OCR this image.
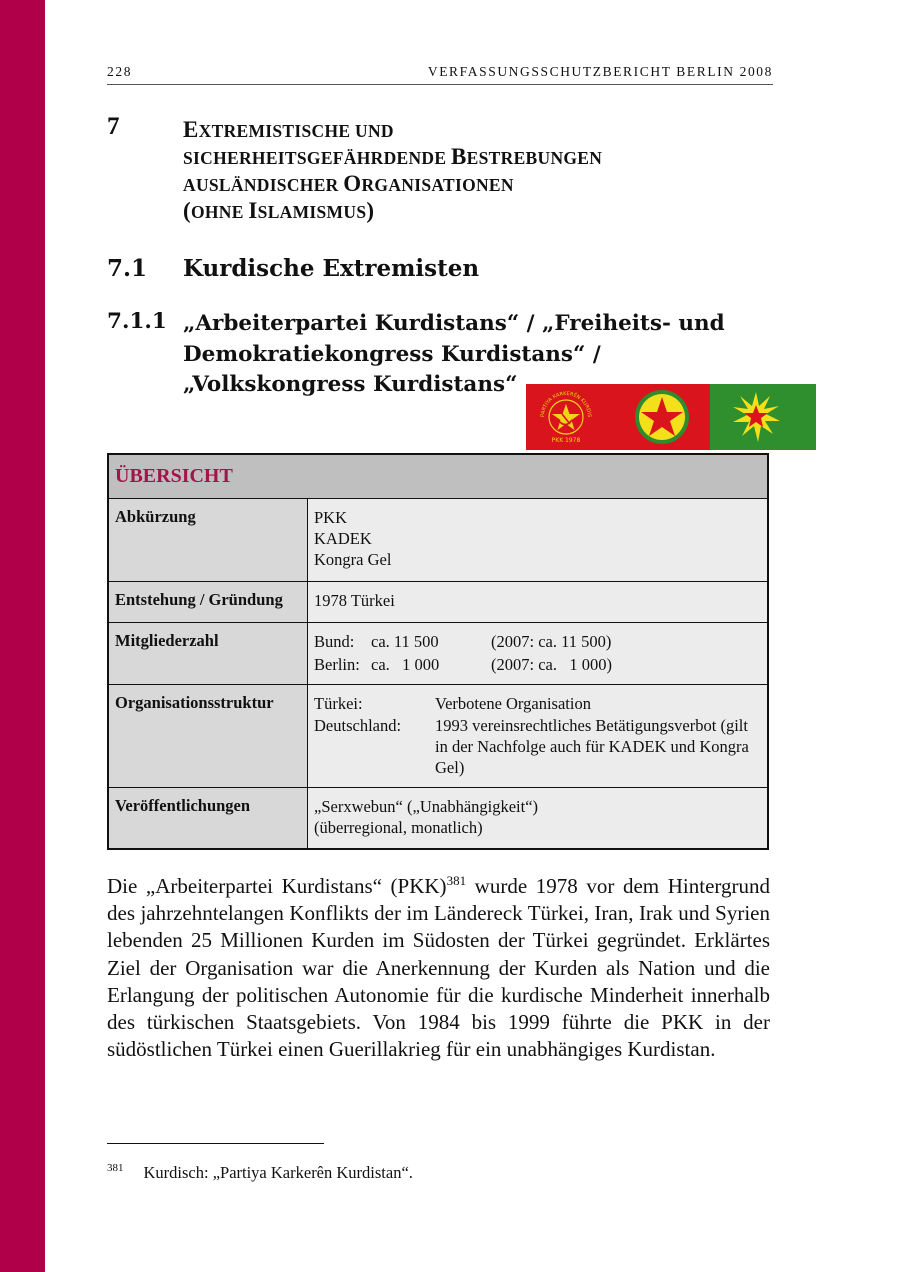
228	VERFASSUNGSSCHUTZBERICHT BERLIN 2008
7	EXTREMISTISCHE UND
SICHERHEITSGEFÄHRDENDE BESTREBUNGEN
AUSLÄNDISCHER ORGANISATIONEN
(OHNE ISLAMISMUS)
7.1 Kurdische Extremisten
7.1.1 „Arbeiterpartei Kurdistans“ / „Freiheits- und
Demokratiekongress Kurdistans“ /
„Volkskongress Kurdistans“
PARTIYA KARKERÊN KURDIS
PKK 1978
ÜBERSICHT
Abkürzung	PKK
KADEK
Kongra Gel
Entstehung / Gründung	1978 Türkei
Mitgliederzahl	Bund:	ca. 11 500	(2007: ca. 11 500)
Berlin: ca.   1 000	(2007: ca.   1 000)
Organisationsstruktur	Türkei:	Verbotene Organisation
Deutschland:	1993 vereinsrechtliches Betätigungsverbot (gilt in der Nachfolge auch für KADEK und Kongra Gel)
Veröffentlichungen	„Serxwebun“ („Unabhängigkeit“)
(überregional, monatlich)

Die „Arbeiterpartei Kurdistans“ (PKK)$^{381}$ wurde 1978 vor dem Hintergrund des jahrzehntelangen Konflikts der im Ländereck Türkei, Iran, Irak und Syrien lebenden 25 Millionen Kurden im Südosten der Türkei gegründet. Erklärtes Ziel der Organisation war die Anerkennung der Kurden als Nation und die Erlangung der politischen Autonomie für die kurdische Minderheit innerhalb des türkischen Staatsgebiets. Von 1984 bis 1999 führte die PKK in der südöstlichen Türkei einen Guerillakrieg für ein unabhängiges Kurdistan.

$^{381}$ Kurdisch: „Partiya Karkerên Kurdistan“.
